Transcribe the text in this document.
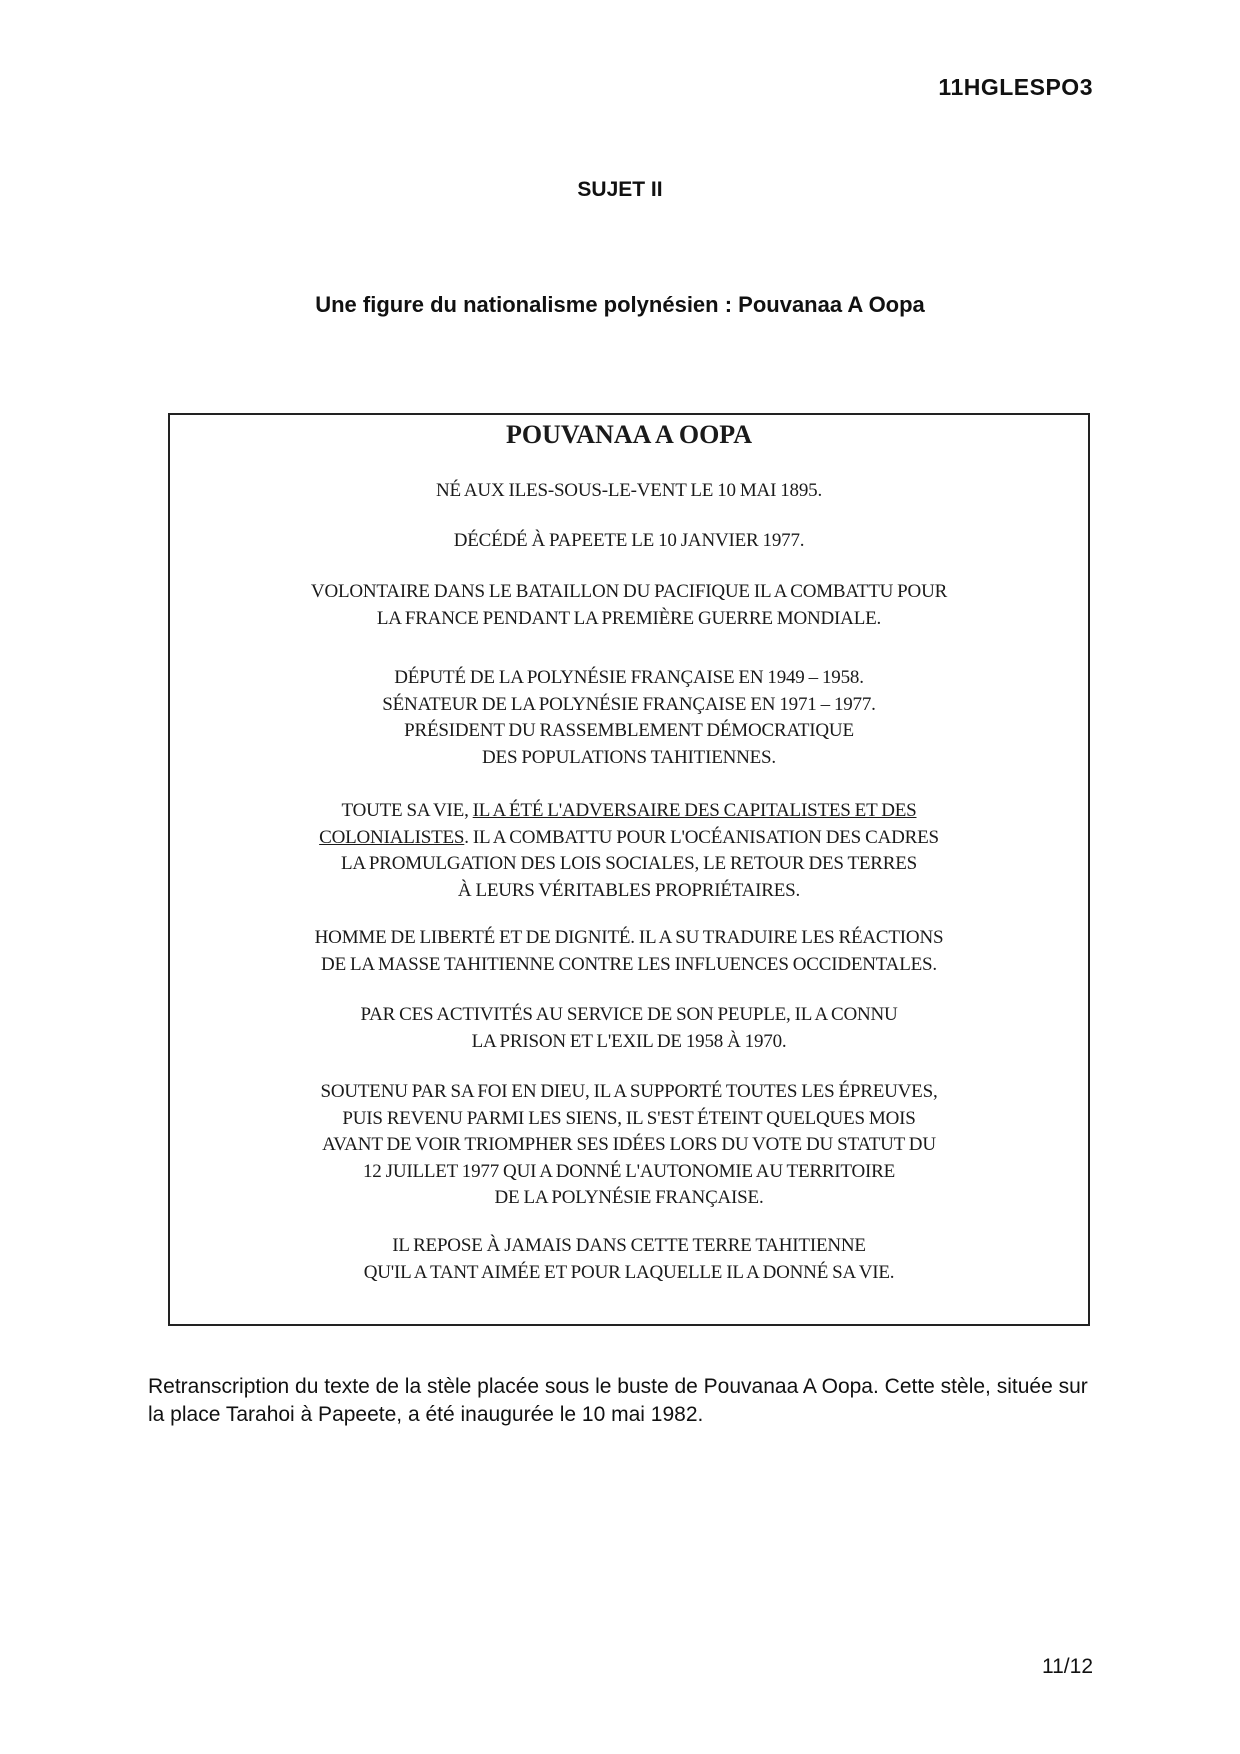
11HGLESPO3
SUJET II
Une figure du nationalisme polynésien : Pouvanaa A Oopa
POUVANAA A OOPA
NÉ AUX ILES-SOUS-LE-VENT LE 10 MAI 1895.
DÉCÉDÉ À PAPEETE LE 10 JANVIER 1977.
VOLONTAIRE DANS LE BATAILLON DU PACIFIQUE IL A COMBATTU POUR
LA FRANCE PENDANT LA PREMIÈRE GUERRE MONDIALE.
DÉPUTÉ DE LA POLYNÉSIE FRANÇAISE EN 1949 – 1958.
SÉNATEUR DE LA POLYNÉSIE FRANÇAISE EN 1971 – 1977.
PRÉSIDENT DU RASSEMBLEMENT DÉMOCRATIQUE
DES POPULATIONS TAHITIENNES.
TOUTE SA VIE, IL A ÉTÉ L'ADVERSAIRE DES CAPITALISTES ET DES
COLONIALISTES. IL A COMBATTU POUR L'OCÉANISATION DES CADRES
LA PROMULGATION DES LOIS SOCIALES, LE RETOUR DES TERRES
À LEURS VÉRITABLES PROPRIÉTAIRES.
HOMME DE LIBERTÉ ET DE DIGNITÉ. IL A SU TRADUIRE LES RÉACTIONS
DE LA MASSE TAHITIENNE CONTRE LES INFLUENCES OCCIDENTALES.
PAR CES ACTIVITÉS AU SERVICE DE SON PEUPLE, IL A CONNU
LA PRISON ET L'EXIL DE 1958 À 1970.
SOUTENU PAR SA FOI EN DIEU, IL A SUPPORTÉ TOUTES LES ÉPREUVES,
PUIS REVENU PARMI LES SIENS, IL S'EST ÉTEINT QUELQUES MOIS
AVANT DE VOIR TRIOMPHER SES IDÉES LORS DU VOTE DU STATUT DU
12 JUILLET 1977 QUI A DONNÉ L'AUTONOMIE AU TERRITOIRE
DE LA POLYNÉSIE FRANÇAISE.
IL REPOSE À JAMAIS DANS CETTE TERRE TAHITIENNE
QU'IL A TANT AIMÉE ET POUR LAQUELLE IL A DONNÉ SA VIE.
Retranscription du texte de la stèle placée sous le buste de Pouvanaa A Oopa. Cette stèle, située sur la place Tarahoi à Papeete, a été inaugurée le 10 mai 1982.
11/12
